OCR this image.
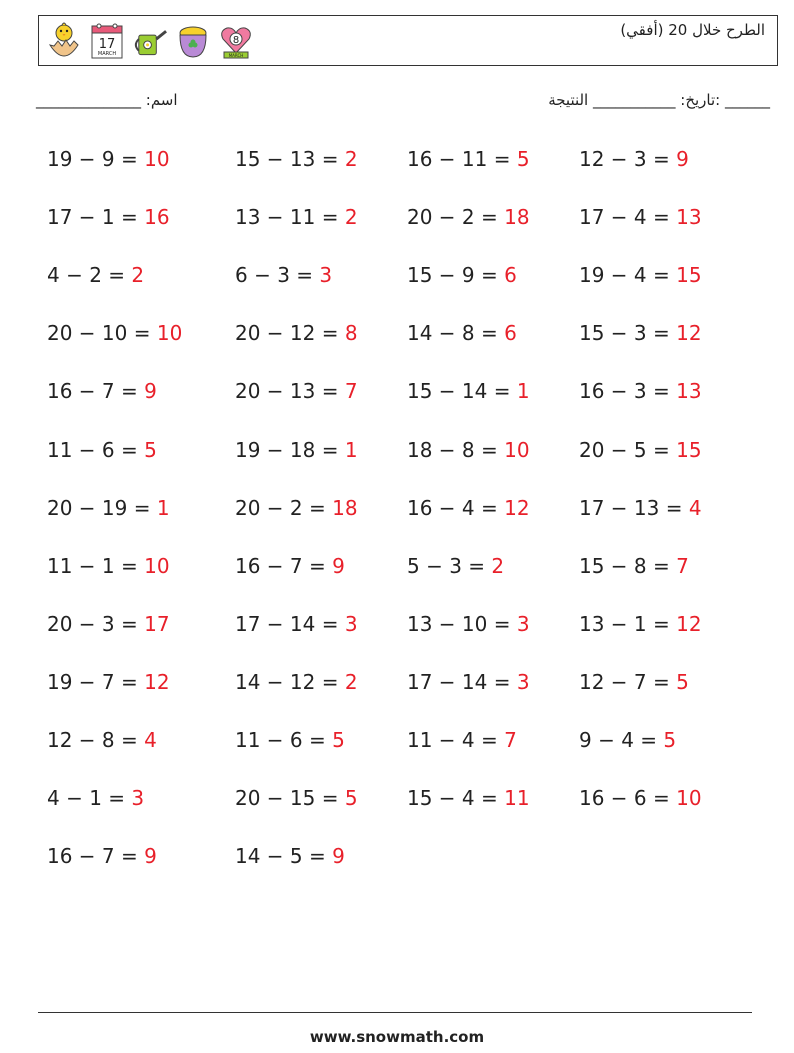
17
MARCH
8
MARCH
الطرح خلال 20 (أفقي)
______ :تاريخ: ___________ النتيجة
اسم: ______________
19 − 9 = 10	15 − 13 = 2 16 − 11 = 5 12 − 3 = 9
17 − 1 = 16	13 − 11 = 2 20 − 2 = 18 17 − 4 = 13
4 − 2 = 2	6 − 3 = 3	15 − 9 = 6	19 − 4 = 15
20 − 10 = 10	20 − 12 = 8 14 − 8 = 6	15 − 3 = 12
16 − 7 = 9	20 − 13 = 7 15 − 14 = 1 16 − 3 = 13
11 − 6 = 5	19 − 18 = 1 18 − 8 = 10 20 − 5 = 15
20 − 19 = 1	20 − 2 = 18 16 − 4 = 12 17 − 13 = 4
11 − 1 = 10	16 − 7 = 9	5 − 3 = 2	15 − 8 = 7
20 − 3 = 17	17 − 14 = 3 13 − 10 = 3 13 − 1 = 12
19 − 7 = 12	14 − 12 = 2 17 − 14 = 3 12 − 7 = 5
12 − 8 = 4	11 − 6 = 5	11 − 4 = 7	9 − 4 = 5
4 − 1 = 3	20 − 15 = 5 15 − 4 = 11 16 − 6 = 10
16 − 7 = 9	14 − 5 = 9
www.snowmath.com
